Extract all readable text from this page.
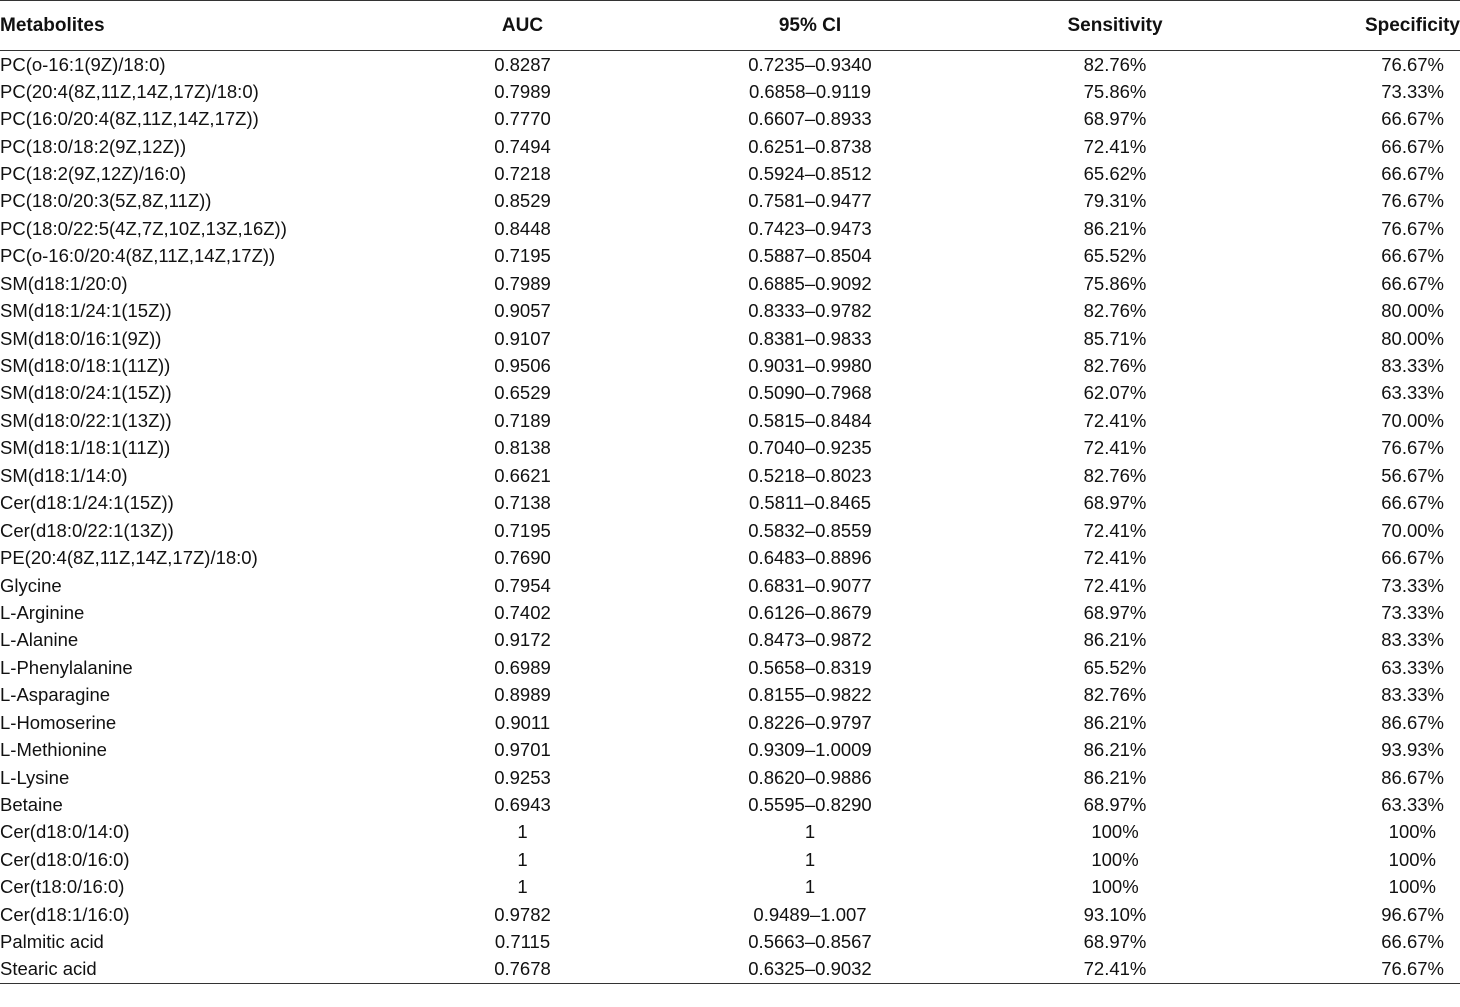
Metabolites	AUC	95% CI	Sensitivity	Specificity
PC(o-16:1(9Z)/18:0)	0.8287	0.7235–0.9340	82.76%	76.67%
PC(20:4(8Z,11Z,14Z,17Z)/18:0)	0.7989	0.6858–0.9119	75.86%	73.33%
PC(16:0/20:4(8Z,11Z,14Z,17Z))	0.7770	0.6607–0.8933	68.97%	66.67%
PC(18:0/18:2(9Z,12Z))	0.7494	0.6251–0.8738	72.41%	66.67%
PC(18:2(9Z,12Z)/16:0)	0.7218	0.5924–0.8512	65.62%	66.67%
PC(18:0/20:3(5Z,8Z,11Z))	0.8529	0.7581–0.9477	79.31%	76.67%
PC(18:0/22:5(4Z,7Z,10Z,13Z,16Z))	0.8448	0.7423–0.9473	86.21%	76.67%
PC(o-16:0/20:4(8Z,11Z,14Z,17Z))	0.7195	0.5887–0.8504	65.52%	66.67%
SM(d18:1/20:0)	0.7989	0.6885–0.9092	75.86%	66.67%
SM(d18:1/24:1(15Z))	0.9057	0.8333–0.9782	82.76%	80.00%
SM(d18:0/16:1(9Z))	0.9107	0.8381–0.9833	85.71%	80.00%
SM(d18:0/18:1(11Z))	0.9506	0.9031–0.9980	82.76%	83.33%
SM(d18:0/24:1(15Z))	0.6529	0.5090–0.7968	62.07%	63.33%
SM(d18:0/22:1(13Z))	0.7189	0.5815–0.8484	72.41%	70.00%
SM(d18:1/18:1(11Z))	0.8138	0.7040–0.9235	72.41%	76.67%
SM(d18:1/14:0)	0.6621	0.5218–0.8023	82.76%	56.67%
Cer(d18:1/24:1(15Z))	0.7138	0.5811–0.8465	68.97%	66.67%
Cer(d18:0/22:1(13Z))	0.7195	0.5832–0.8559	72.41%	70.00%
PE(20:4(8Z,11Z,14Z,17Z)/18:0)	0.7690	0.6483–0.8896	72.41%	66.67%
Glycine	0.7954	0.6831–0.9077	72.41%	73.33%
L-Arginine	0.7402	0.6126–0.8679	68.97%	73.33%
L-Alanine	0.9172	0.8473–0.9872	86.21%	83.33%
L-Phenylalanine	0.6989	0.5658–0.8319	65.52%	63.33%
L-Asparagine	0.8989	0.8155–0.9822	82.76%	83.33%
L-Homoserine	0.9011	0.8226–0.9797	86.21%	86.67%
L-Methionine	0.9701	0.9309–1.0009	86.21%	93.93%
L-Lysine	0.9253	0.8620–0.9886	86.21%	86.67%
Betaine	0.6943	0.5595–0.8290	68.97%	63.33%
Cer(d18:0/14:0)	1	1	100%	100%
Cer(d18:0/16:0)	1	1	100%	100%
Cer(t18:0/16:0)	1	1	100%	100%
Cer(d18:1/16:0)	0.9782	0.9489–1.007	93.10%	96.67%
Palmitic acid	0.7115	0.5663–0.8567	68.97%	66.67%
Stearic acid	0.7678	0.6325–0.9032	72.41%	76.67%
